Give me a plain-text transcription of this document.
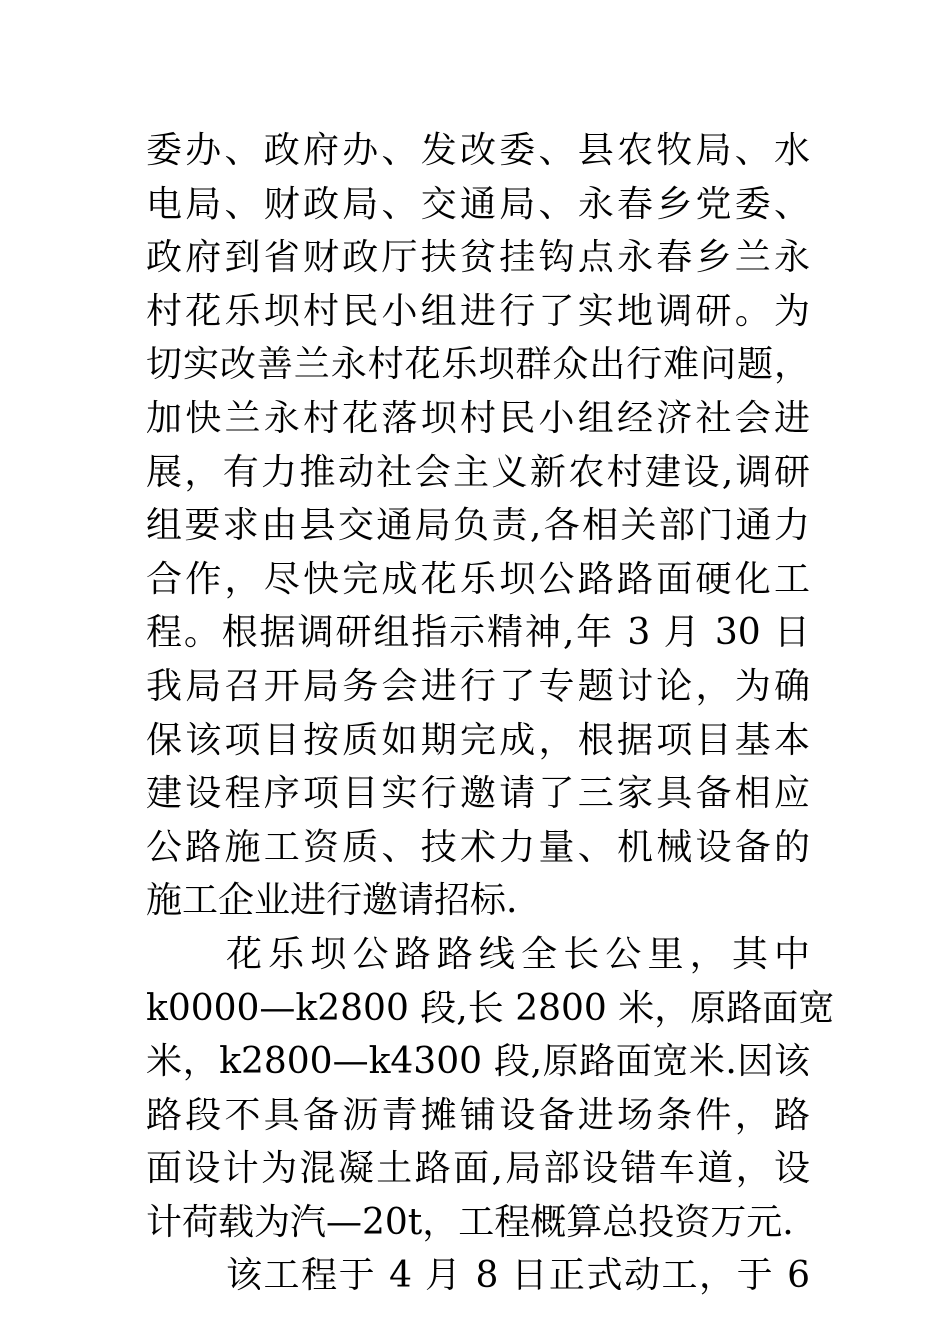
委办、政府办、发改委、县农牧局、水
电局、财政局、交通局、永春乡党委、
政府到省财政厅扶贫挂钩点永春乡兰永
村花乐坝村民小组进行了实地调研。为
切实改善兰永村花乐坝群众出行难问题，
加快兰永村花落坝村民小组经济社会进
展，有力推动社会主义新农村建设,调研
组要求由县交通局负责,各相关部门通力
合作，尽快完成花乐坝公路路面硬化工
程。根据调研组指示精神,年 3 月 30 日
我局召开局务会进行了专题讨论，为确
保该项目按质如期完成，根据项目基本
建设程序项目实行邀请了三家具备相应
公路施工资质、技术力量、机械设备的
施工企业进行邀请招标.
花乐坝公路路线全长公里，其中
k0000—k2800 段,长 2800 米，原路面宽
米，k2800—k4300 段,原路面宽米.因该
路段不具备沥青摊铺设备进场条件，路
面设计为混凝土路面,局部设错车道，设
计荷载为汽—20t，工程概算总投资万元.
该工程于 4 月 8 日正式动工，于 6
